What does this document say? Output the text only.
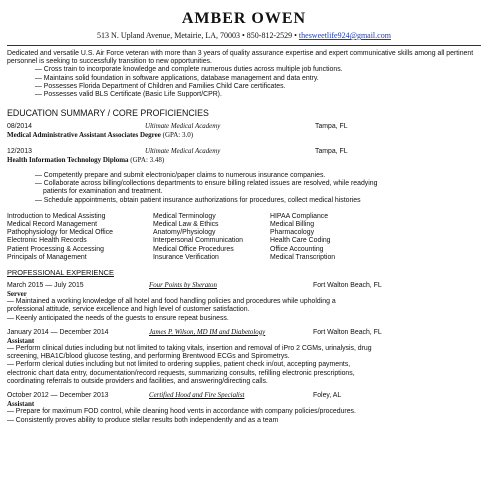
AMBER OWEN
513 N. Upland Avenue, Metairie, LA, 70003 • 850-812-2529 • thesweetlife924@gmail.com

Dedicated and versatile U.S. Air Force veteran with more than 3 years of quality assurance expertise and expert communicative skills among all pertinent personnel is seeking to successfully transition to new opportunities.

— Cross train to incorporate knowledge and complete numerous duties across multiple job functions.

— Maintains solid foundation in software applications, database management and data entry.

— Possesses Florida Department of Children and Families Child Care certificates.

— Possesses valid BLS Certificate (Basic Life Support/CPR).

EDUCATION SUMMARY / CORE PROFICIENCIES
08/2014	Ultimate Medical Academy	Tampa, FL
Medical Administrative Assistant Associates Degree (GPA: 3.0)
12/2013	Ultimate Medical Academy	Tampa, FL
Health Information Technology Diploma (GPA: 3.48)

— Competently prepare and submit electronic/paper claims to numerous insurance companies.

— Collaborate across billing/collections departments to ensure billing related issues are resolved, while readying

patients for examination and treatment.

— Schedule appointments, obtain patient insurance authorizations for procedures, collect medical histories

Introduction to Medical Assisting	Medical Terminology	HIPAA Compliance
Medical Record Management	Medical Law & Ethics	Medical Billing
Pathophysiology for Medical Office	Anatomy/Physiology	Pharmacology
Electronic Health Records	Interpersonal Communication	Health Care Coding
Patient Processing & Accessing	Medical Office Procedures	Office Accounting
Principals of Management	Insurance Verification	Medical Transcription
PROFESSIONAL EXPERIENCE
March 2015 — July 2015	Four Points by Sheraton	Fort Walton Beach, FL
Server

— Maintained a working knowledge of all hotel and food handling policies and procedures while upholding a

professional attitude, service excellence and high level of customer satisfaction.

— Keenly anticipated the needs of the guests to ensure repeat business.

January 2014 — December 2014	James P. Wilson, MD IM and Diabetology	Fort Walton Beach, FL
Assistant

— Perform clinical duties including but not limited to taking vitals, insertion and removal of iPro 2 CGMs, urinalysis, drug

screening, HBA1C/blood glucose testing, and performing Brentwood ECGs and Spirometrys.

— Perform clerical duties including but not limited to ordering supplies, patient check in/out, accepting payments,

electronic chart data entry, documentation/record requests, summarizing consults, refilling electronic prescriptions,

coordinating referrals to outside providers and facilities, and answering/directing calls.

October 2012 — December 2013	Certified Hood and Fire Specialist	Foley, AL
Assistant

— Prepare for maximum FOD control, while cleaning hood vents in accordance with company policies/procedures.

— Consistently proves ability to produce stellar results both independently and as a team
